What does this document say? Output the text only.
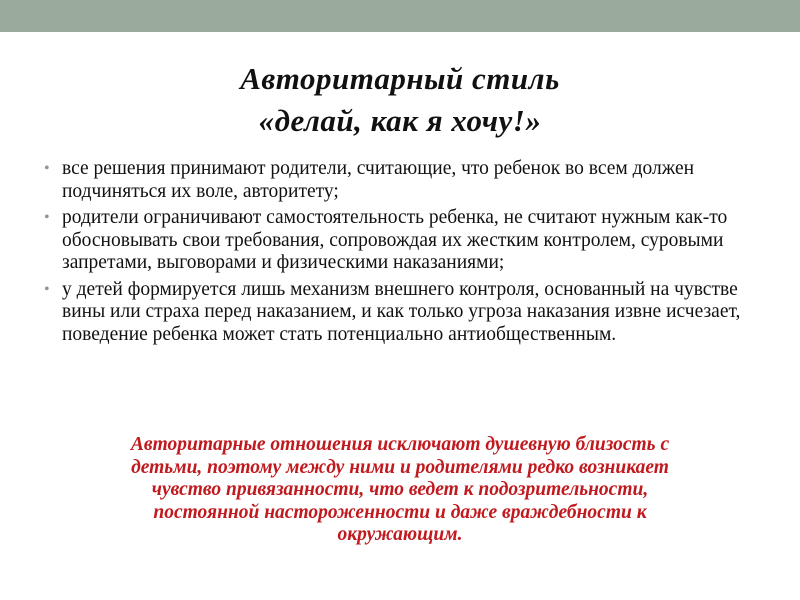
Авторитарный стиль
«делай, как я хочу!»
• все решения принимают родители, считающие, что ребенок во всем должен подчиняться их воле, авторитету;
• родители ограничивают самостоятельность ребенка, не считают нужным как-то обосновывать свои требования, сопровождая их жестким контролем, суровыми запретами, выговорами и физическими наказаниями;
• у детей формируется лишь механизм внешнего контроля, основанный на чувстве вины или страха перед наказанием, и как только угроза наказания извне исчезает, поведение ребенка может стать потенциально антиобщественным.
Авторитарные отношения исключают душевную близость с
детьми, поэтому между ними и родителями редко возникает
чувство привязанности, что ведет к подозрительности,
постоянной настороженности и даже враждебности к
окружающим.
